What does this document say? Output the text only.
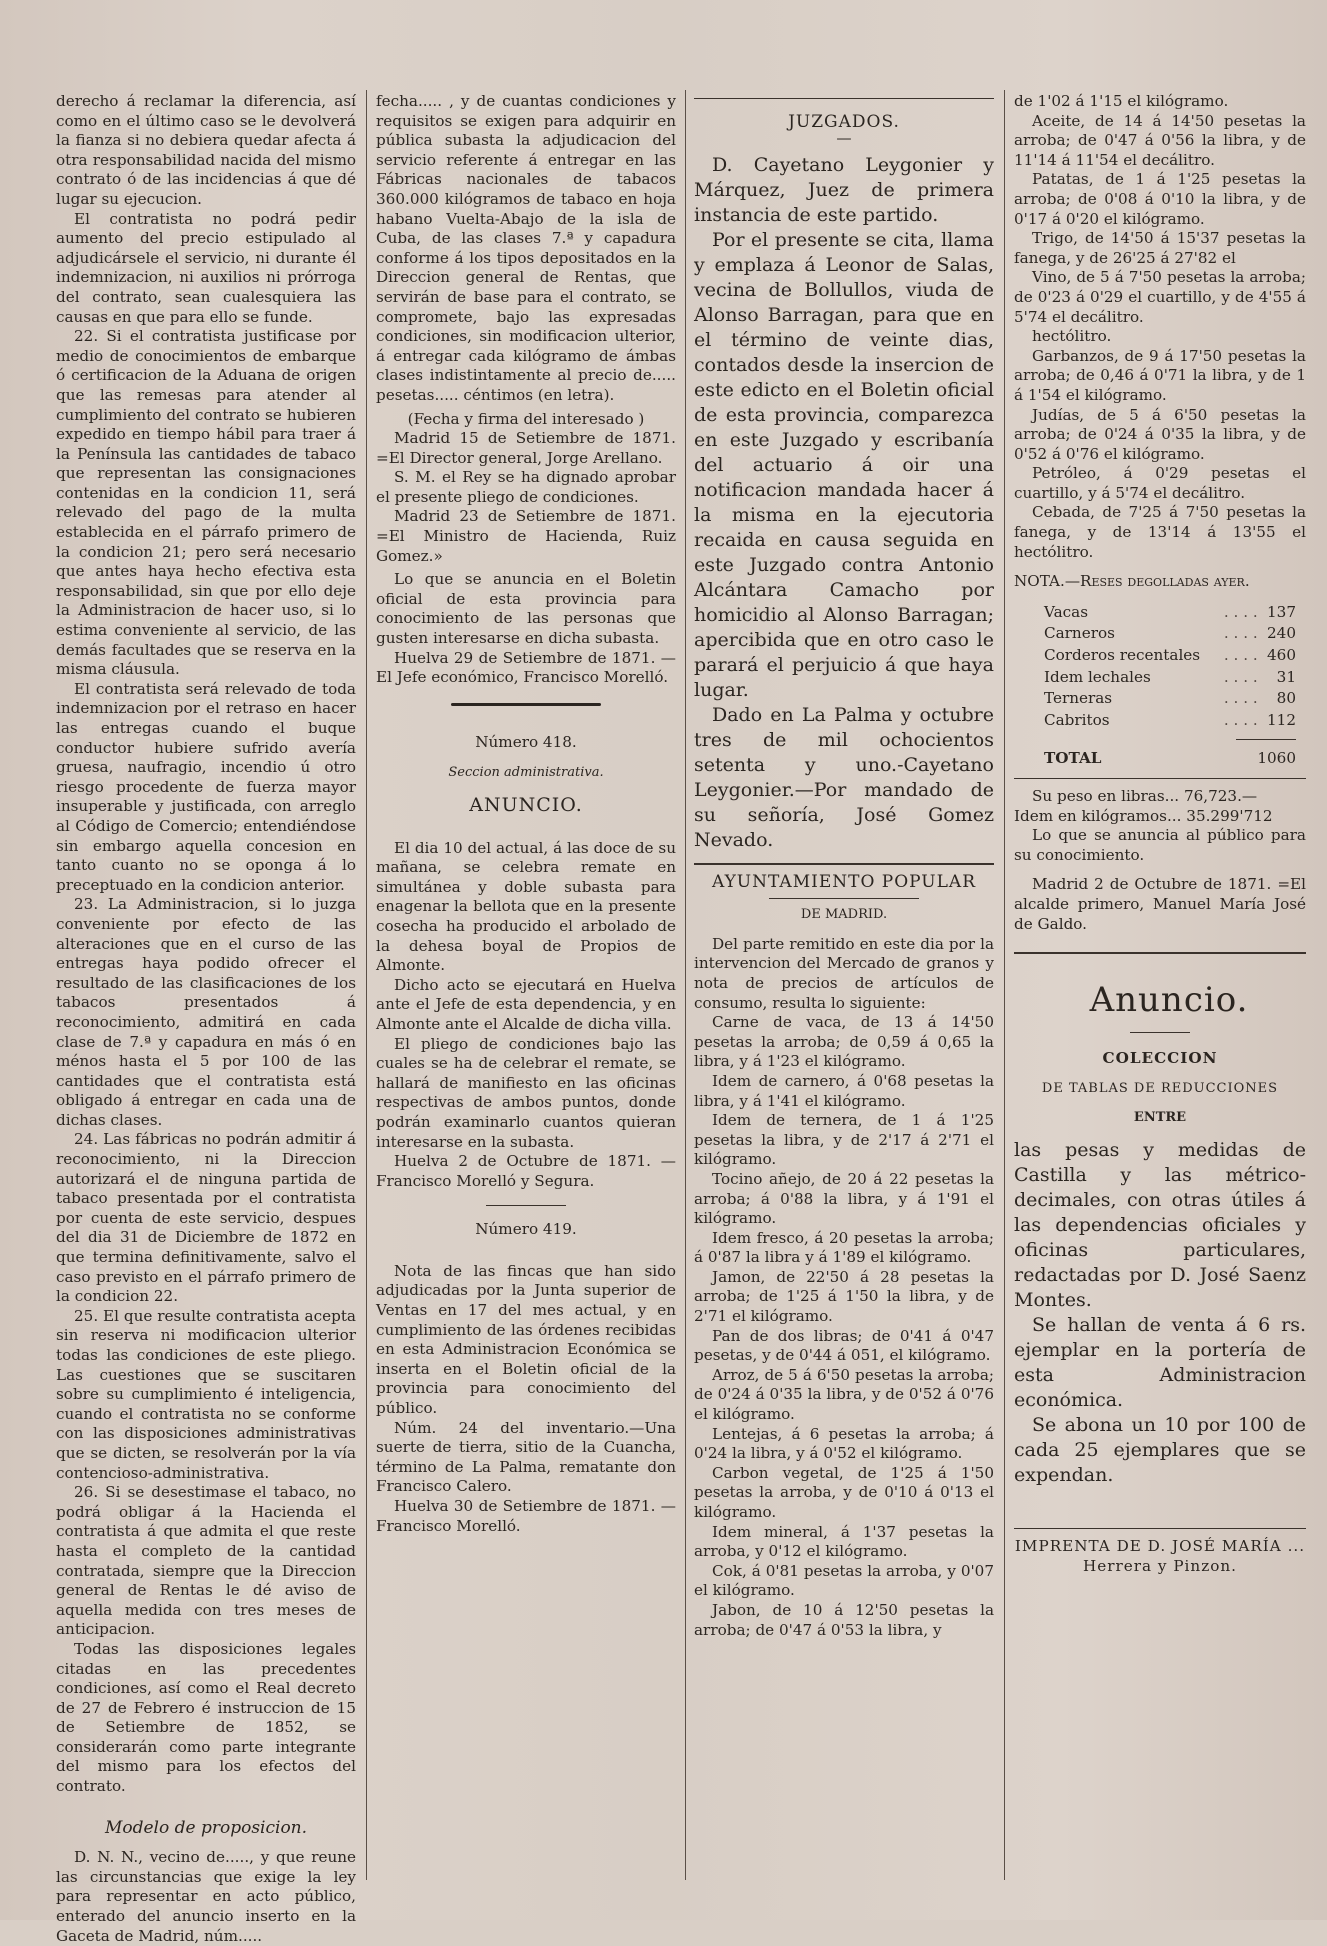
derecho á reclamar la diferencia, así como en el último caso se le devolverá la fianza si no debiera quedar afecta á otra responsabilidad nacida del mismo contrato ó de las incidencias á que dé lugar su ejecucion.

El contratista no podrá pedir aumento del precio estipulado al adjudicársele el servicio, ni durante él indemnizacion, ni auxilios ni prórroga del contrato, sean cualesquiera las causas en que para ello se funde.

22. Si el contratista justificase por medio de conocimientos de embarque ó certificacion de la Aduana de origen que las remesas para atender al cumplimiento del contrato se hubieren expedido en tiempo hábil para traer á la Península las cantidades de tabaco que representan las consignaciones contenidas en la condicion 11, será relevado del pago de la multa establecida en el párrafo primero de la condicion 21; pero será necesario que antes haya hecho efectiva esta responsabilidad, sin que por ello deje la Administracion de hacer uso, si lo estima conveniente al servicio, de las demás facultades que se reserva en la misma cláusula.

El contratista será relevado de toda indemnizacion por el retraso en hacer las entregas cuando el buque conductor hubiere sufrido avería gruesa, naufragio, incendio ú otro riesgo procedente de fuerza mayor insuperable y justificada, con arreglo al Código de Comercio; entendiéndose sin embargo aquella concesion en tanto cuanto no se oponga á lo preceptuado en la condicion anterior.

23. La Administracion, si lo juzga conveniente por efecto de las alteraciones que en el curso de las entregas haya podido ofrecer el resultado de las clasificaciones de los tabacos presentados á reconocimiento, admitirá en cada clase de 7.ª y capadura en más ó en ménos hasta el 5 por 100 de las cantidades que el contratista está obligado á entregar en cada una de dichas clases.

24. Las fábricas no podrán admitir á reconocimiento, ni la Direccion autorizará el de ninguna partida de tabaco presentada por el contratista por cuenta de este servicio, despues del dia 31 de Diciembre de 1872 en que termina definitivamente, salvo el caso previsto en el párrafo primero de la condicion 22.

25. El que resulte contratista acepta sin reserva ni modificacion ulterior todas las condiciones de este pliego. Las cuestiones que se suscitaren sobre su cumplimiento é inteligencia, cuando el contratista no se conforme con las disposiciones administrativas que se dicten, se resolverán por la vía contencioso-administrativa.

26. Si se desestimase el tabaco, no podrá obligar á la Hacienda el contratista á que admita el que reste hasta el completo de la cantidad contratada, siempre que la Direccion general de Rentas le dé aviso de aquella medida con tres meses de anticipacion.

Todas las disposiciones legales citadas en las precedentes condiciones, así como el Real decreto de 27 de Febrero é instruccion de 15 de Setiembre de 1852, se considerarán como parte integrante del mismo para los efectos del contrato.

Modelo de proposicion.

D. N. N., vecino de....., y que reune las circunstancias que exige la ley para representar en acto público, enterado del anuncio inserto en la Gaceta de Madrid, núm.....

fecha..... , y de cuantas condiciones y requisitos se exigen para adquirir en pública subasta la adjudicacion del servicio referente á entregar en las Fábricas nacionales de tabacos 360.000 kilógramos de tabaco en hoja habano Vuelta-Abajo de la isla de Cuba, de las clases 7.ª y capadura conforme á los tipos depositados en la Direccion general de Rentas, que servirán de base para el contrato, se compromete, bajo las expresadas condiciones, sin modificacion ulterior, á entregar cada kilógramo de ámbas clases indistintamente al precio de..... pesetas..... céntimos (en letra).

(Fecha y firma del interesado )

Madrid 15 de Setiembre de 1871. =El Director general, Jorge Arellano.

S. M. el Rey se ha dignado aprobar el presente pliego de condiciones.

Madrid 23 de Setiembre de 1871. =El Ministro de Hacienda, Ruiz Gomez.»

Lo que se anuncia en el Boletin oficial de esta provincia para conocimiento de las personas que gusten interesarse en dicha subasta.

Huelva 29 de Setiembre de 1871. —El Jefe económico, Francisco Morelló.

Número 418.

Seccion administrativa.

ANUNCIO.

El dia 10 del actual, á las doce de su mañana, se celebra remate en simultánea y doble subasta para enagenar la bellota que en la presente cosecha ha producido el arbolado de la dehesa boyal de Propios de Almonte.

Dicho acto se ejecutará en Huelva ante el Jefe de esta dependencia, y en Almonte ante el Alcalde de dicha villa.

El pliego de condiciones bajo las cuales se ha de celebrar el remate, se hallará de manifiesto en las oficinas respectivas de ambos puntos, donde podrán examinarlo cuantos quieran interesarse en la subasta.

Huelva 2 de Octubre de 1871. —Francisco Morelló y Segura.

Número 419.

Nota de las fincas que han sido adjudicadas por la Junta superior de Ventas en 17 del mes actual, y en cumplimiento de las órdenes recibidas en esta Administracion Económica se inserta en el Boletin oficial de la provincia para conocimiento del público.

Núm. 24 del inventario.—Una suerte de tierra, sitio de la Cuancha, término de La Palma, rematante don Francisco Calero.

Huelva 30 de Setiembre de 1871. —Francisco Morelló.

JUZGADOS.

—

D. Cayetano Leygonier y Márquez, Juez de primera instancia de este partido.

Por el presente se cita, llama y emplaza á Leonor de Salas, vecina de Bollullos, viuda de Alonso Barragan, para que en el término de veinte dias, contados desde la insercion de este edicto en el Boletin oficial de esta provincia, comparezca en este Juzgado y escribanía del actuario á oir una notificacion mandada hacer á la misma en la ejecutoria recaida en causa seguida en este Juzgado contra Antonio Alcántara Camacho por homicidio al Alonso Barragan; apercibida que en otro caso le parará el perjuicio á que haya lugar.

Dado en La Palma y octubre tres de mil ochocientos setenta y uno.-Cayetano Leygonier.—Por mandado de su señoría, José Gomez Nevado.

AYUNTAMIENTO POPULAR

DE MADRID.

Del parte remitido en este dia por la intervencion del Mercado de granos y nota de precios de artículos de consumo, resulta lo siguiente:

Carne de vaca, de 13 á 14'50 pesetas la arroba; de 0,59 á 0,65 la libra, y á 1'23 el kilógramo.

Idem de carnero, á 0'68 pesetas la libra, y á 1'41 el kilógramo.

Idem de ternera, de 1 á 1'25 pesetas la libra, y de 2'17 á 2'71 el kilógramo.

Tocino añejo, de 20 á 22 pesetas la arroba; á 0'88 la libra, y á 1'91 el kilógramo.

Idem fresco, á 20 pesetas la arroba; á 0'87 la libra y á 1'89 el kilógramo.

Jamon, de 22'50 á 28 pesetas la arroba; de 1'25 á 1'50 la libra, y de 2'71 el kilógramo.

Pan de dos libras; de 0'41 á 0'47 pesetas, y de 0'44 á 051, el kilógramo.

Arroz, de 5 á 6'50 pesetas la arroba; de 0'24 á 0'35 la libra, y de 0'52 á 0'76 el kilógramo.

Lentejas, á 6 pesetas la arroba; á 0'24 la libra, y á 0'52 el kilógramo.

Carbon vegetal, de 1'25 á 1'50 pesetas la arroba, y de 0'10 á 0'13 el kilógramo.

Idem mineral, á 1'37 pesetas la arroba, y 0'12 el kilógramo.

Cok, á 0'81 pesetas la arroba, y 0'07 el kilógramo.

Jabon, de 10 á 12'50 pesetas la arroba; de 0'47 á 0'53 la libra, y

de 1'02 á 1'15 el kilógramo.

Aceite, de 14 á 14'50 pesetas la arroba; de 0'47 á 0'56 la libra, y de 11'14 á 11'54 el decálitro.

Patatas, de 1 á 1'25 pesetas la arroba; de 0'08 á 0'10 la libra, y de 0'17 á 0'20 el kilógramo.

Trigo, de 14'50 á 15'37 pesetas la fanega, y de 26'25 á 27'82 el

Vino, de 5 á 7'50 pesetas la arroba; de 0'23 á 0'29 el cuartillo, y de 4'55 á 5'74 el decálitro.

hectólitro.

Garbanzos, de 9 á 17'50 pesetas la arroba; de 0,46 á 0'71 la libra, y de 1 á 1'54 el kilógramo.

Judías, de 5 á 6'50 pesetas la arroba; de 0'24 á 0'35 la libra, y de 0'52 á 0'76 el kilógramo.

Petróleo, á 0'29 pesetas el cuartillo, y á 5'74 el decálitro.

Cebada, de 7'25 á 7'50 pesetas la fanega, y de 13'14 á 13'55 el hectólitro.

NOTA.—Reses degolladas ayer.

Vacas	. . . .	137
Carneros	. . . .	240
Corderos recentales	. . . .	460
Idem lechales	. . . .	31
Terneras	. . . .	80
Cabritos	. . . .	112
TOTAL	1060

Su peso en libras... 76,723.—

Idem en kilógramos... 35.299'712

Lo que se anuncia al público para su conocimiento.

Madrid 2 de Octubre de 1871. =El alcalde primero, Manuel María José de Galdo.

Anuncio.

COLECCION

DE TABLAS DE REDUCCIONES

ENTRE

las pesas y medidas de Castilla y las métrico-decimales, con otras útiles á las dependencias oficiales y oficinas particulares, redactadas por D. José Saenz Montes.

Se hallan de venta á 6 rs. ejemplar en la portería de esta Administracion económica.

Se abona un 10 por 100 de cada 25 ejemplares que se expendan.

IMPRENTA DE D. JOSÉ MARÍA ... Herrera y Pinzon.
